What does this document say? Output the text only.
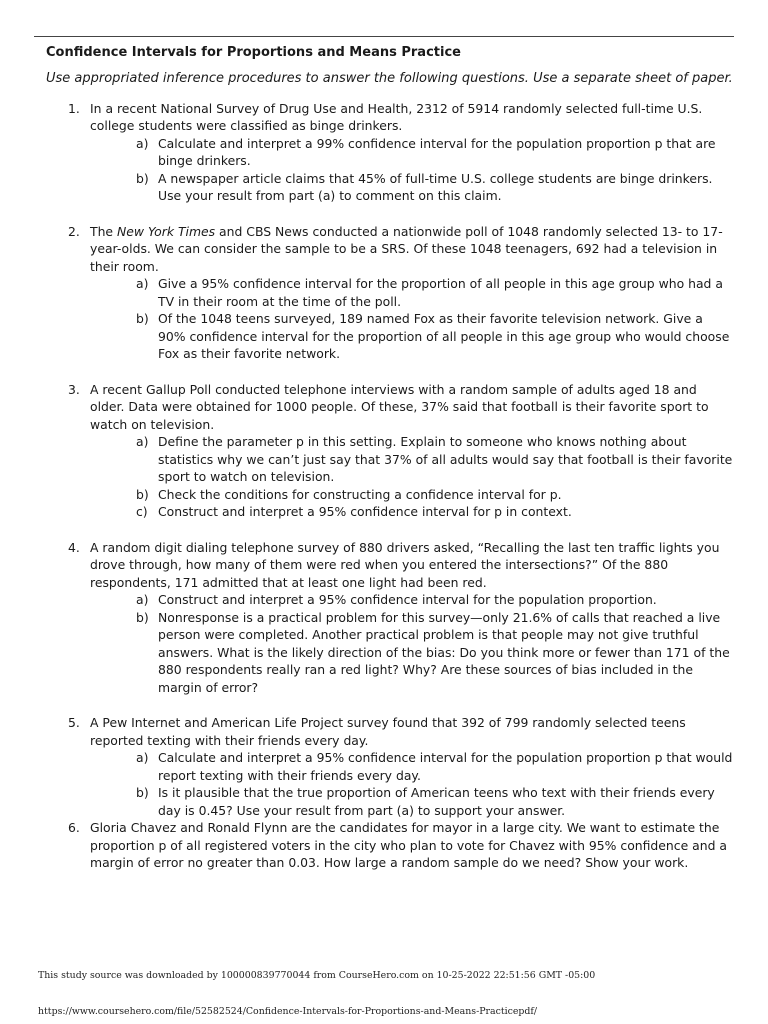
Confidence Intervals for Proportions and Means Practice
Use appropriated inference procedures to answer the following questions. Use a separate sheet of paper.
1. In a recent National Survey of Drug Use and Health, 2312 of 5914 randomly selected full-time U.S. college students were classified as binge drinkers.
a) Calculate and interpret a 99% confidence interval for the population proportion p that are binge drinkers.
b) A newspaper article claims that 45% of full-time U.S. college students are binge drinkers. Use your result from part (a) to comment on this claim.
2. The New York Times and CBS News conducted a nationwide poll of 1048 randomly selected 13- to 17-year-olds. We can consider the sample to be a SRS. Of these 1048 teenagers, 692 had a television in their room.
a) Give a 95% confidence interval for the proportion of all people in this age group who had a TV in their room at the time of the poll.
b) Of the 1048 teens surveyed, 189 named Fox as their favorite television network. Give a 90% confidence interval for the proportion of all people in this age group who would choose Fox as their favorite network.
3. A recent Gallup Poll conducted telephone interviews with a random sample of adults aged 18 and older. Data were obtained for 1000 people. Of these, 37% said that football is their favorite sport to watch on television.
a) Define the parameter p in this setting. Explain to someone who knows nothing about statistics why we can’t just say that 37% of all adults would say that football is their favorite sport to watch on television.
b) Check the conditions for constructing a confidence interval for p.
c) Construct and interpret a 95% confidence interval for p in context.
4. A random digit dialing telephone survey of 880 drivers asked, “Recalling the last ten traffic lights you drove through, how many of them were red when you entered the intersections?” Of the 880 respondents, 171 admitted that at least one light had been red.
a) Construct and interpret a 95% confidence interval for the population proportion.
b) Nonresponse is a practical problem for this survey—only 21.6% of calls that reached a live person were completed. Another practical problem is that people may not give truthful answers. What is the likely direction of the bias: Do you think more or fewer than 171 of the 880 respondents really ran a red light? Why? Are these sources of bias included in the margin of error?
5. A Pew Internet and American Life Project survey found that 392 of 799 randomly selected teens reported texting with their friends every day.
a) Calculate and interpret a 95% confidence interval for the population proportion p that would report texting with their friends every day.
b) Is it plausible that the true proportion of American teens who text with their friends every day is 0.45? Use your result from part (a) to support your answer.
6. Gloria Chavez and Ronald Flynn are the candidates for mayor in a large city. We want to estimate the proportion p of all registered voters in the city who plan to vote for Chavez with 95% confidence and a margin of error no greater than 0.03. How large a random sample do we need? Show your work.
This study source was downloaded by 100000839770044 from CourseHero.com on 10-25-2022 22:51:56 GMT -05:00
https://www.coursehero.com/file/52582524/Confidence-Intervals-for-Proportions-and-Means-Practicepdf/
